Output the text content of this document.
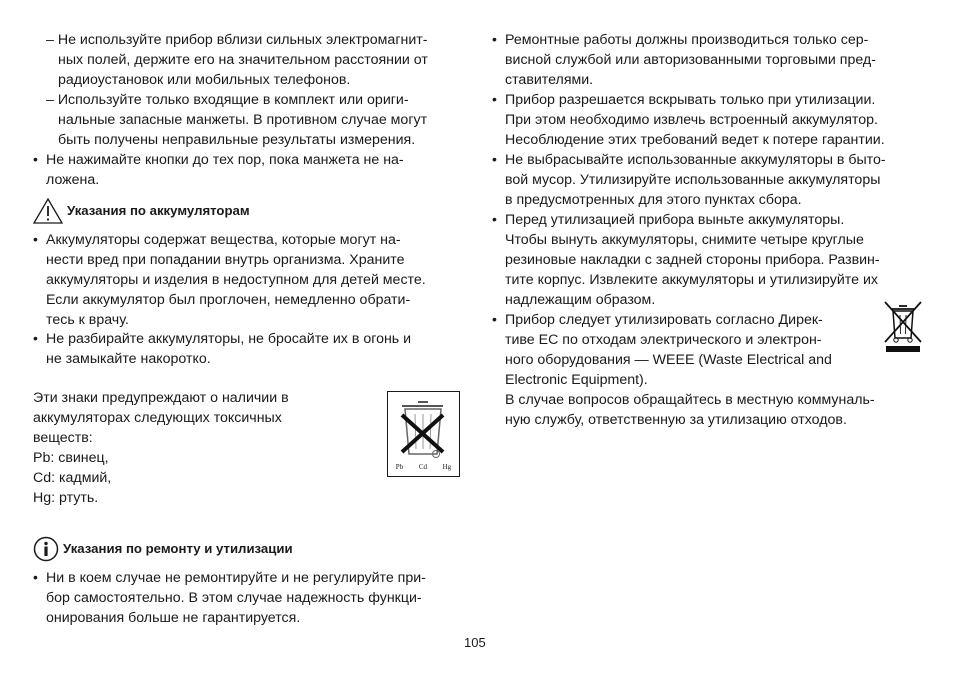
– Не используйте прибор вблизи сильных электромагнит-
ных полей, держите его на значительном расстоянии от
радиоустановок или мобильных телефонов.
– Используйте только входящие в комплект или ориги-
нальные запасные манжеты. В противном случае могут
быть получены неправильные результаты измерения.
• Не нажимайте кнопки до тех пор, пока манжета не на-
ложена.
Указания по аккумуляторам
• Аккумуляторы содержат вещества, которые могут на-
нести вред при попадании внутрь организма. Храните
аккумуляторы и изделия в недоступном для детей месте.
Если аккумулятор был проглочен, немедленно обрати-
тесь к врачу.
• Не разбирайте аккумуляторы, не бросайте их в огонь и
не замыкайте накоротко.
Эти знаки предупреждают о наличии в
аккумуляторах следующих токсичных
веществ:
Pb: свинец,
Cd: кадмий,
Hg: ртуть.
Pb Cd Hg
Указания по ремонту и утилизации
• Ни в коем случае не ремонтируйте и не регулируйте при-
бор самостоятельно. В этом случае надежность функци-
онирования больше не гарантируется.
• Ремонтные работы должны производиться только сер-
висной службой или авторизованными торговыми пред-
ставителями.
• Прибор разрешается вскрывать только при утилизации.
При этом необходимо извлечь встроенный аккумулятор.
Несоблюдение этих требований ведет к потере гарантии.
• Не выбрасывайте использованные аккумуляторы в быто-
вой мусор. Утилизируйте использованные аккумуляторы
в предусмотренных для этого пунктах сбора.
• Перед утилизацией прибора выньте аккумуляторы.
Чтобы вынуть аккумуляторы, снимите четыре круглые
резиновые накладки с задней стороны прибора. Развин-
тите корпус. Извлеките аккумуляторы и утилизируйте их
надлежащим образом.
• Прибор следует утилизировать согласно Дирек-
тиве ЕС по отходам электрического и электрон-
ного оборудования — WEEE (Waste Electrical and
Electronic Equipment).
В случае вопросов обращайтесь в местную коммуналь-
ную службу, ответственную за утилизацию отходов.
105
